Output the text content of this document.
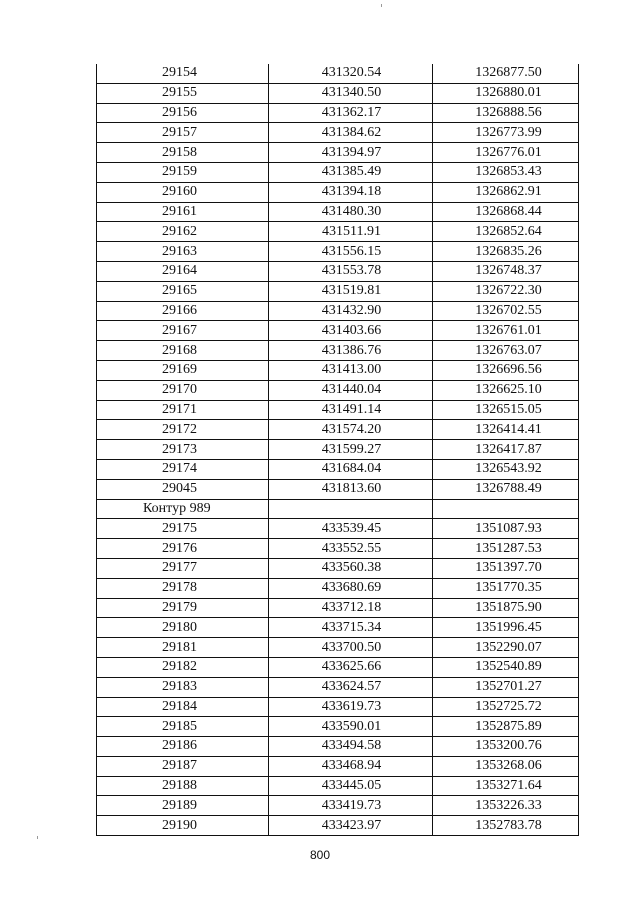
29154	431320.54	1326877.50
29155	431340.50	1326880.01
29156	431362.17	1326888.56
29157	431384.62	1326773.99
29158	431394.97	1326776.01
29159	431385.49	1326853.43
29160	431394.18	1326862.91
29161	431480.30	1326868.44
29162	431511.91	1326852.64
29163	431556.15	1326835.26
29164	431553.78	1326748.37
29165	431519.81	1326722.30
29166	431432.90	1326702.55
29167	431403.66	1326761.01
29168	431386.76	1326763.07
29169	431413.00	1326696.56
29170	431440.04	1326625.10
29171	431491.14	1326515.05
29172	431574.20	1326414.41
29173	431599.27	1326417.87
29174	431684.04	1326543.92
29045	431813.60	1326788.49
Контур 989		
29175	433539.45	1351087.93
29176	433552.55	1351287.53
29177	433560.38	1351397.70
29178	433680.69	1351770.35
29179	433712.18	1351875.90
29180	433715.34	1351996.45
29181	433700.50	1352290.07
29182	433625.66	1352540.89
29183	433624.57	1352701.27
29184	433619.73	1352725.72
29185	433590.01	1352875.89
29186	433494.58	1353200.76
29187	433468.94	1353268.06
29188	433445.05	1353271.64
29189	433419.73	1353226.33
29190	433423.97	1352783.78
800
